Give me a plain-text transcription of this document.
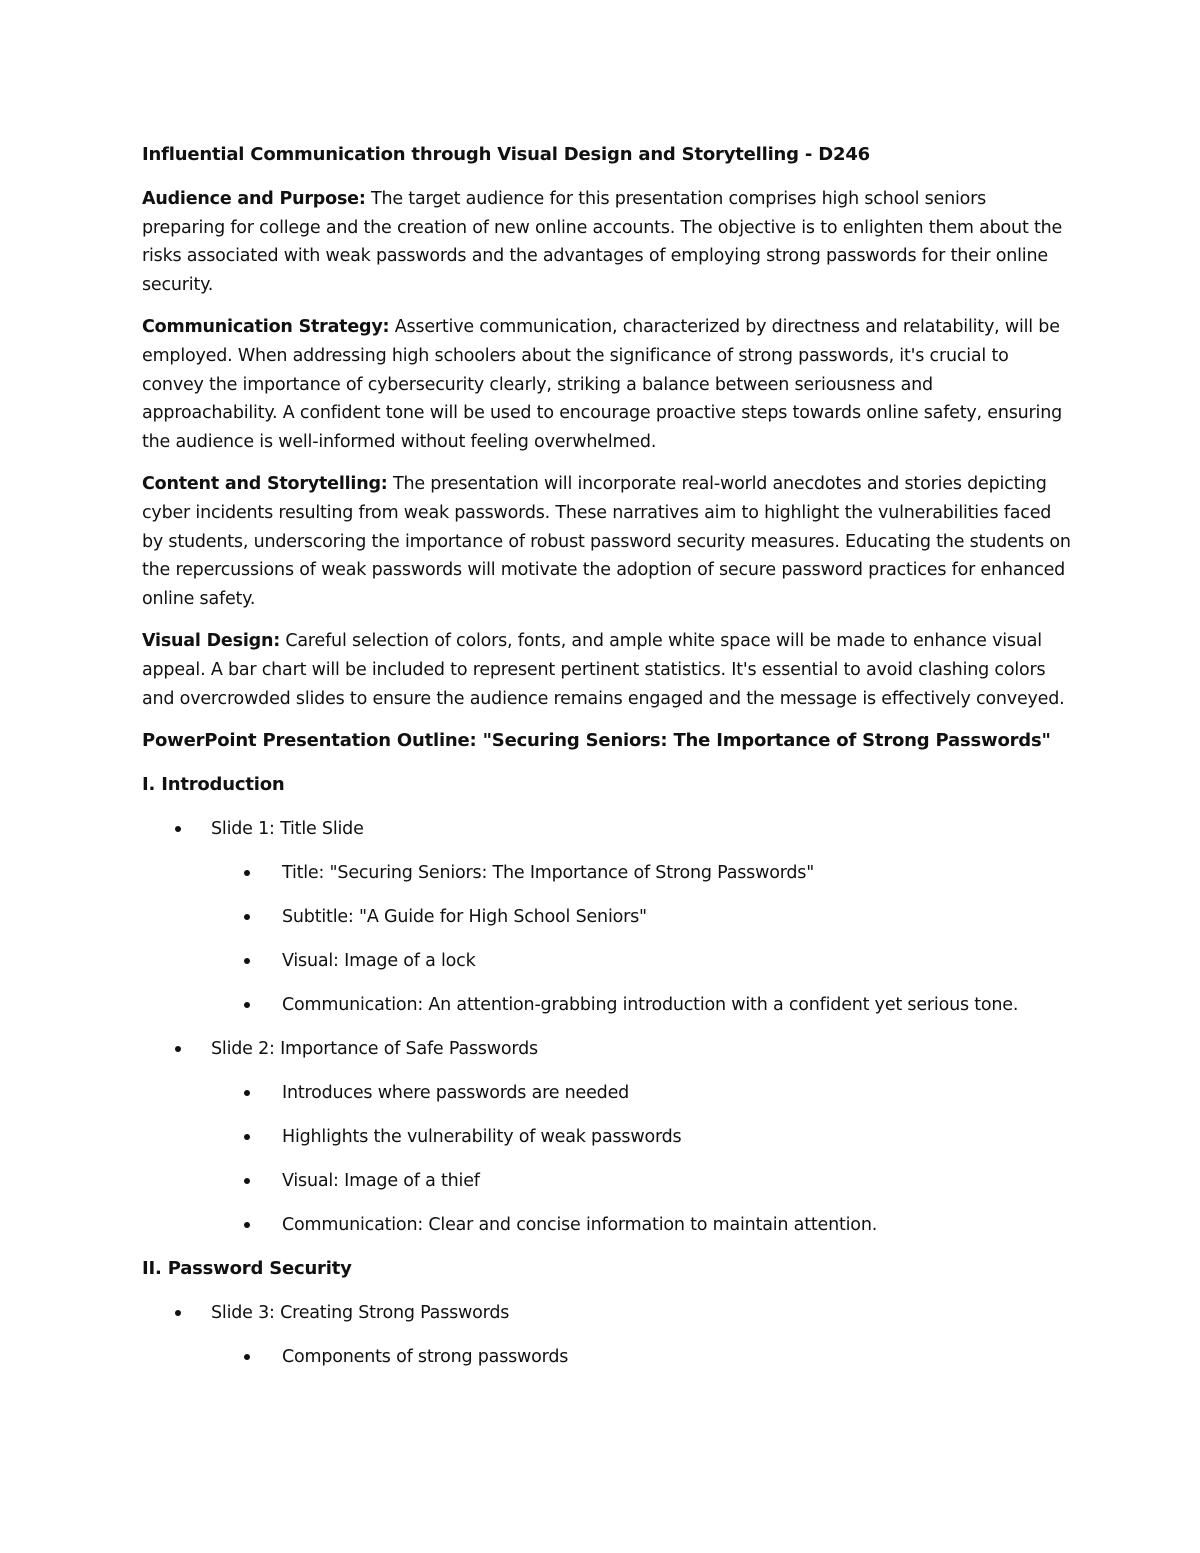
Influential Communication through Visual Design and Storytelling - D246

Audience and Purpose: The target audience for this presentation comprises high school seniors preparing for college and the creation of new online accounts. The objective is to enlighten them about the risks associated with weak passwords and the advantages of employing strong passwords for their online security.

Communication Strategy: Assertive communication, characterized by directness and relatability, will be employed. When addressing high schoolers about the significance of strong passwords, it's crucial to convey the importance of cybersecurity clearly, striking a balance between seriousness and approachability. A confident tone will be used to encourage proactive steps towards online safety, ensuring the audience is well-informed without feeling overwhelmed.

Content and Storytelling: The presentation will incorporate real-world anecdotes and stories depicting cyber incidents resulting from weak passwords. These narratives aim to highlight the vulnerabilities faced by students, underscoring the importance of robust password security measures. Educating the students on the repercussions of weak passwords will motivate the adoption of secure password practices for enhanced online safety.

Visual Design: Careful selection of colors, fonts, and ample white space will be made to enhance visual appeal. A bar chart will be included to represent pertinent statistics. It's essential to avoid clashing colors and overcrowded slides to ensure the audience remains engaged and the message is effectively conveyed.

PowerPoint Presentation Outline: "Securing Seniors: The Importance of Strong Passwords"
I. Introduction
Slide 1: Title Slide
Title: "Securing Seniors: The Importance of Strong Passwords"
Subtitle: "A Guide for High School Seniors"
Visual: Image of a lock
Communication: An attention-grabbing introduction with a confident yet serious tone.
Slide 2: Importance of Safe Passwords
Introduces where passwords are needed
Highlights the vulnerability of weak passwords
Visual: Image of a thief
Communication: Clear and concise information to maintain attention.
II. Password Security
Slide 3: Creating Strong Passwords
Components of strong passwords
